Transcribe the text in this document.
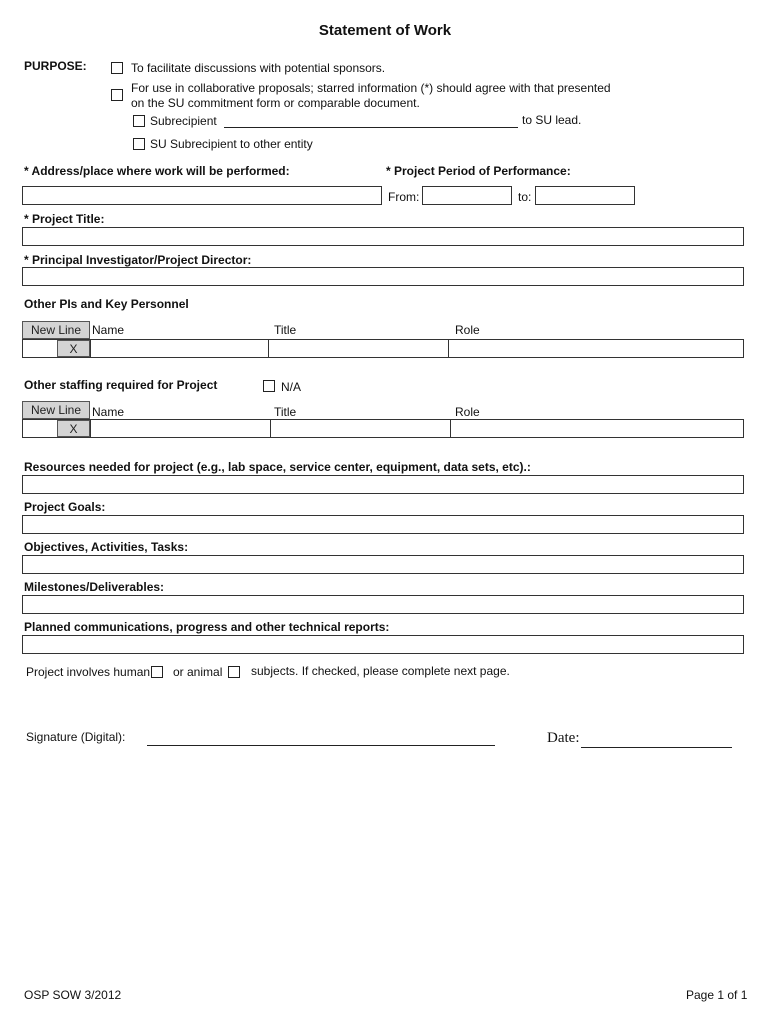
Statement of Work
PURPOSE:	To facilitate discussions with potential sponsors.
For use in collaborative proposals; starred information (*) should agree with that presented
on the SU commitment form or comparable document.
Subrecipient	to SU lead.
SU Subrecipient to other entity
* Address/place where work will be performed:	* Project Period of Performance:
From:	to:
* Project Title:
* Principal Investigator/Project Director:
Other PIs and Key Personnel
New Line Name	Title	Role
X
Other staffing required for Project	N/A
New Line Name	Title	Role
X
Resources needed for project (e.g., lab space, service center, equipment, data sets, etc).:
Project Goals:
Objectives, Activities, Tasks:
Milestones/Deliverables:
Planned communications, progress and other technical reports:
Project involves human or animal subjects. If checked, please complete next page.
Signature (Digital):	Date:
OSP SOW 3/2012	Page 1 of 1
